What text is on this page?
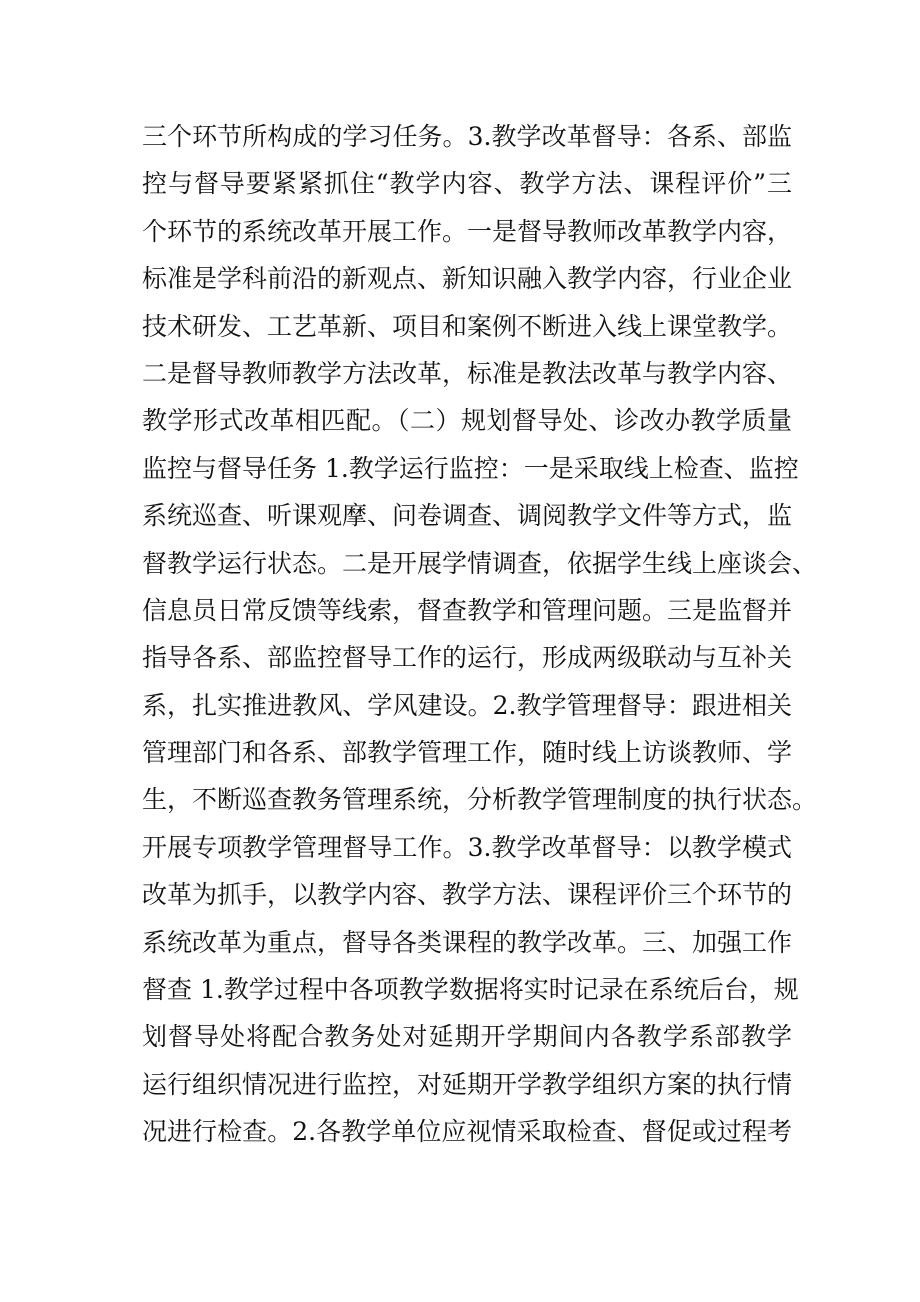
三个环节所构成的学习任务。3.教学改革督导：各系、部监
控与督导要紧紧抓住“教学内容、教学方法、课程评价”三
个环节的系统改革开展工作。一是督导教师改革教学内容，
标准是学科前沿的新观点、新知识融入教学内容，行业企业
技术研发、工艺革新、项目和案例不断进入线上课堂教学。
二是督导教师教学方法改革，标准是教法改革与教学内容、
教学形式改革相匹配。（二）规划督导处、诊改办教学质量
监控与督导任务 1.教学运行监控：一是采取线上检查、监控
系统巡查、听课观摩、问卷调查、调阅教学文件等方式，监
督教学运行状态。二是开展学情调查，依据学生线上座谈会、
信息员日常反馈等线索，督查教学和管理问题。三是监督并
指导各系、部监控督导工作的运行，形成两级联动与互补关
系，扎实推进教风、学风建设。2.教学管理督导：跟进相关
管理部门和各系、部教学管理工作，随时线上访谈教师、学
生，不断巡查教务管理系统，分析教学管理制度的执行状态。
开展专项教学管理督导工作。3.教学改革督导：以教学模式
改革为抓手，以教学内容、教学方法、课程评价三个环节的
系统改革为重点，督导各类课程的教学改革。三、加强工作
督查 1.教学过程中各项教学数据将实时记录在系统后台，规
划督导处将配合教务处对延期开学期间内各教学系部教学
运行组织情况进行监控，对延期开学教学组织方案的执行情
况进行检查。2.各教学单位应视情采取检查、督促或过程考
